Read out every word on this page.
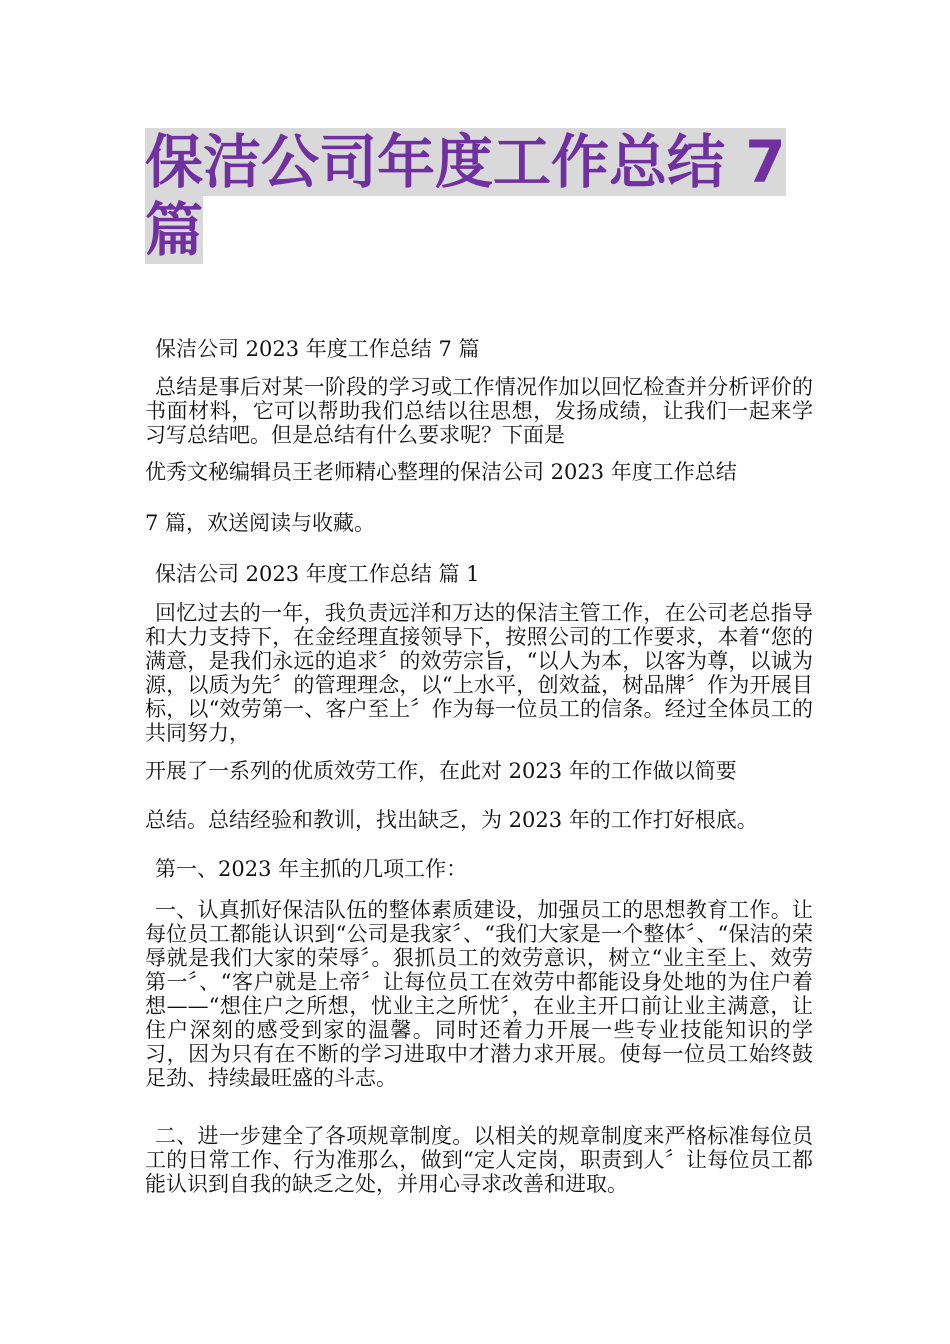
保洁公司年度工作总结 7 篇

保洁公司 2023 年度工作总结 7 篇

总结是事后对某一阶段的学习或工作情况作加以回忆检查并分析评价的书面材料，它可以帮助我们总结以往思想，发扬成绩，让我们一起来学习写总结吧。但是总结有什么要求呢？下面是

优秀文秘编辑员王老师精心整理的保洁公司 2023 年度工作总结

7 篇，欢送阅读与收藏。

保洁公司 2023 年度工作总结 篇 1

回忆过去的一年，我负责远洋和万达的保洁主管工作，在公司老总指导和大力支持下，在金经理直接领导下，按照公司的工作要求，本着“您的满意，是我们永远的追求〞的效劳宗旨，“以人为本，以客为尊，以诚为源，以质为先〞的管理理念，以“上水平，创效益，树品牌〞作为开展目标，以“效劳第一、客户至上〞作为每一位员工的信条。经过全体员工的共同努力，

开展了一系列的优质效劳工作，在此对 2023 年的工作做以简要

总结。总结经验和教训，找出缺乏，为 2023 年的工作打好根底。

第一、2023 年主抓的几项工作：

一、认真抓好保洁队伍的整体素质建设，加强员工的思想教育工作。让每位员工都能认识到“公司是我家〞、“我们大家是一个整体〞、“保洁的荣辱就是我们大家的荣辱〞。狠抓员工的效劳意识，树立“业主至上、效劳第一〞、“客户就是上帝〞让每位员工在效劳中都能设身处地的为住户着想——“想住户之所想，忧业主之所忧〞，在业主开口前让业主满意，让住户深刻的感受到家的温馨。同时还着力开展一些专业技能知识的学习，因为只有在不断的学习进取中才潜力求开展。使每一位员工始终鼓足劲、持续最旺盛的斗志。

二、进一步建全了各项规章制度。以相关的规章制度来严格标准每位员工的日常工作、行为准那么，做到“定人定岗，职责到人〞让每位员工都能认识到自我的缺乏之处，并用心寻求改善和进取。
